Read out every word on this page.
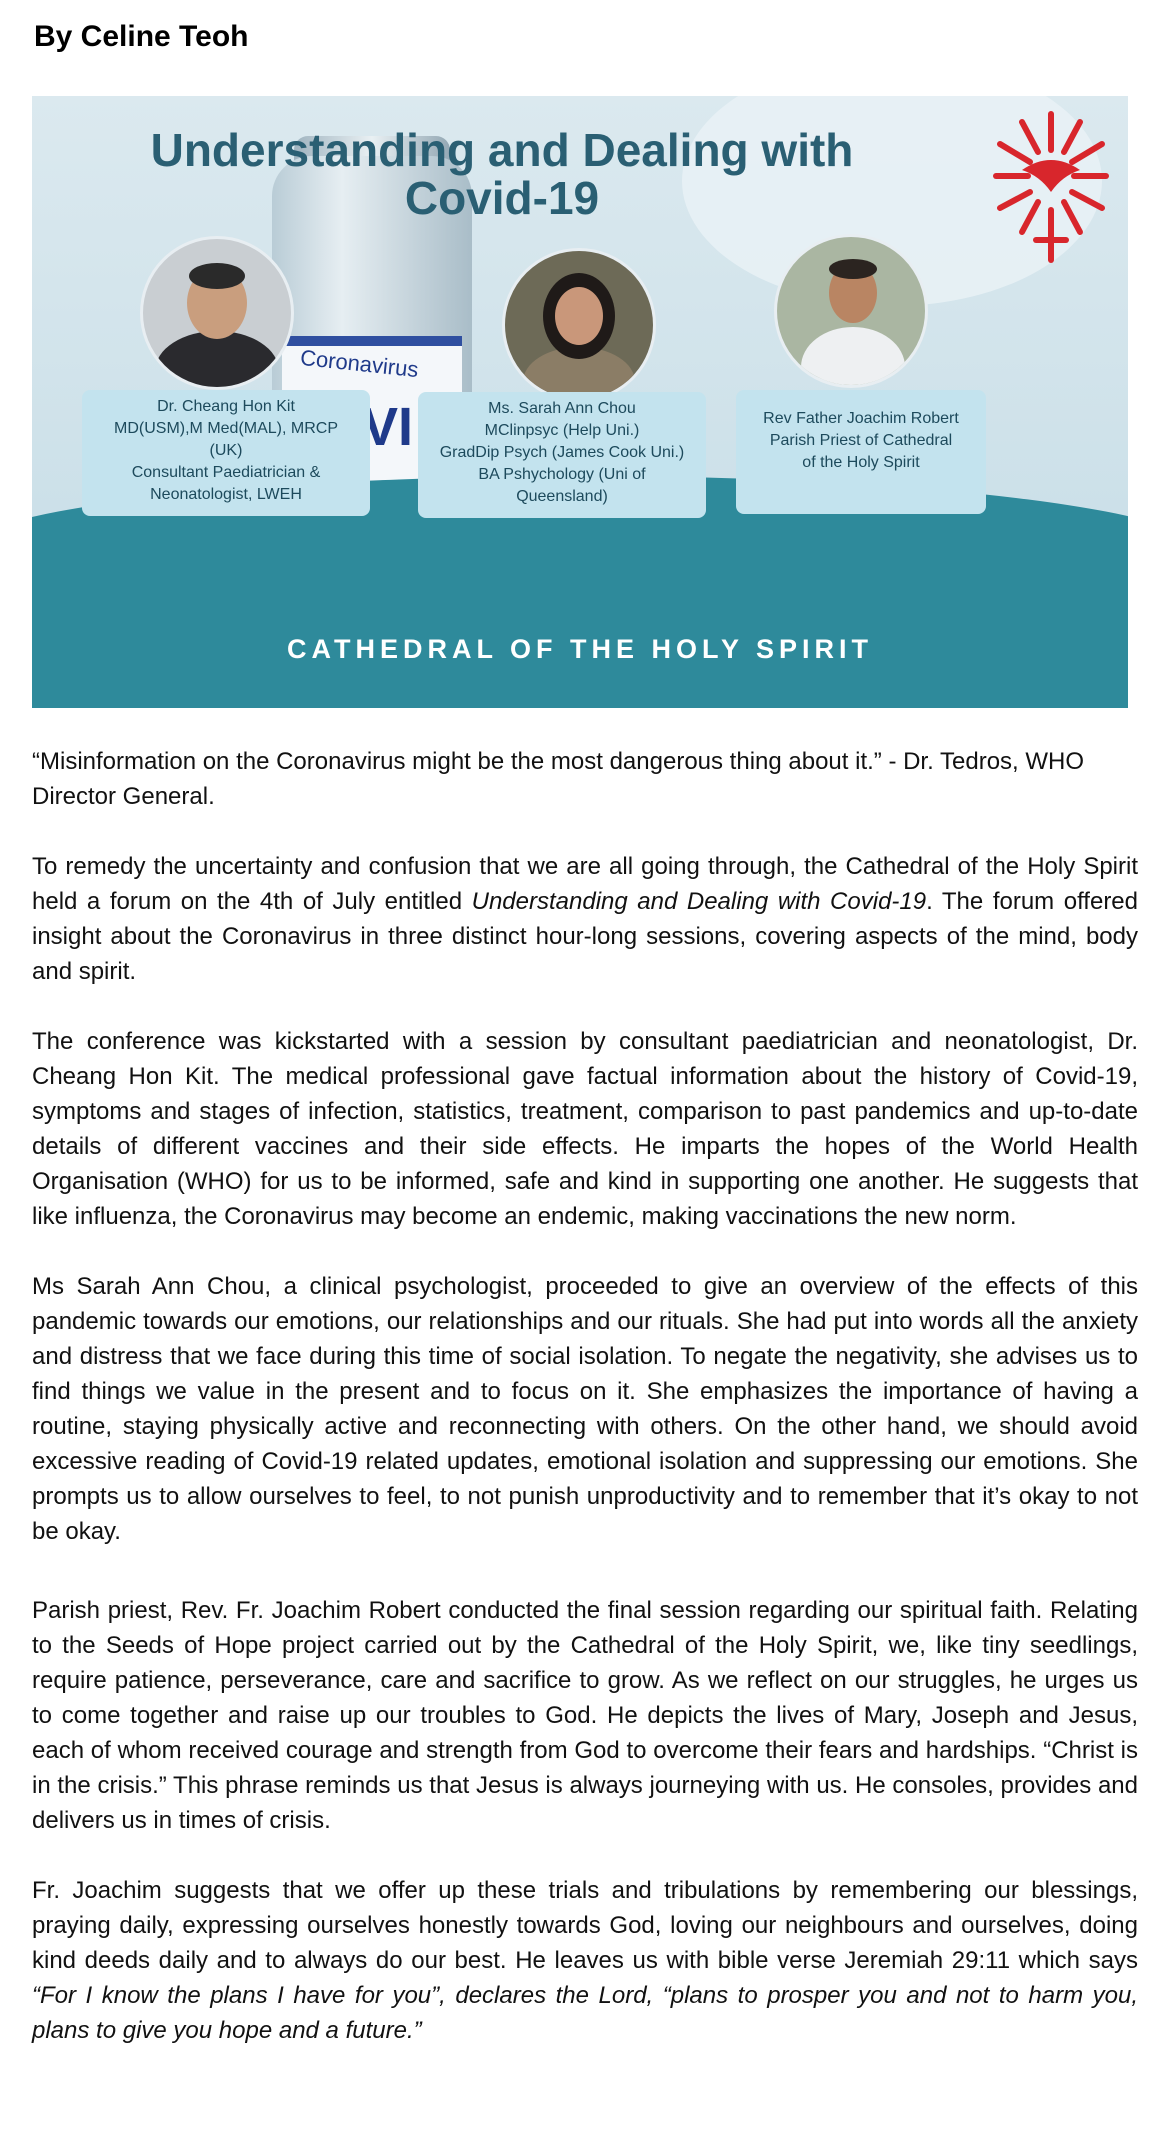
By Celine Teoh
Coronavirus
VI
Understanding and Dealing with
Covid-19
Dr. Cheang Hon Kit
MD(USM),M Med(MAL), MRCP
(UK)
Consultant Paediatrician &
Neonatologist, LWEH
Ms. Sarah Ann Chou
MClinpsyc (Help Uni.)
GradDip Psych (James Cook Uni.)
BA Pshychology (Uni of
Queensland)
Rev Father Joachim Robert
Parish Priest of Cathedral
of the Holy Spirit
CATHEDRAL OF THE HOLY SPIRIT

“Misinformation on the Coronavirus might be the most dangerous thing about it.” - Dr. Tedros, WHO Director General.

To remedy the uncertainty and confusion that we are all going through, the Cathedral of the Holy Spirit held a forum on the 4th of July entitled Understanding and Dealing with Covid-19. The forum offered insight about the Coronavirus in three distinct hour-long sessions, covering aspects of the mind, body and spirit.

The conference was kickstarted with a session by consultant paediatrician and neonatologist, Dr. Cheang Hon Kit. The medical professional gave factual information about the history of Covid-19, symptoms and stages of infection, statistics, treatment, comparison to past pandemics and up-to-date details of different vaccines and their side effects. He imparts the hopes of the World Health Organisation (WHO) for us to be informed, safe and kind in supporting one another. He suggests that like influenza, the Coronavirus may become an endemic, making vaccinations the new norm.

Ms Sarah Ann Chou, a clinical psychologist, proceeded to give an overview of the effects of this pandemic towards our emotions, our relationships and our rituals. She had put into words all the anxiety and distress that we face during this time of social isolation. To negate the negativity, she advises us to find things we value in the present and to focus on it. She emphasizes the importance of having a routine, staying physically active and reconnecting with others. On the other hand, we should avoid excessive reading of Covid-19 related updates, emotional isolation and suppressing our emotions. She prompts us to allow ourselves to feel, to not punish unproductivity and to remember that it’s okay to not be okay.

Parish priest, Rev. Fr. Joachim Robert conducted the final session regarding our spiritual faith. Relating to the Seeds of Hope project carried out by the Cathedral of the Holy Spirit, we, like tiny seedlings, require patience, perseverance, care and sacrifice to grow. As we reflect on our struggles, he urges us to come together and raise up our troubles to God. He depicts the lives of Mary, Joseph and Jesus, each of whom received courage and strength from God to overcome their fears and hardships. “Christ is in the crisis.” This phrase reminds us that Jesus is always journeying with us. He consoles, provides and delivers us in times of crisis.

Fr. Joachim suggests that we offer up these trials and tribulations by remembering our blessings, praying daily, expressing ourselves honestly towards God, loving our neighbours and ourselves, doing kind deeds daily and to always do our best. He leaves us with bible verse Jeremiah 29:11 which says “For I know the plans I have for you”, declares the Lord, “plans to prosper you and not to harm you, plans to give you hope and a future.”
